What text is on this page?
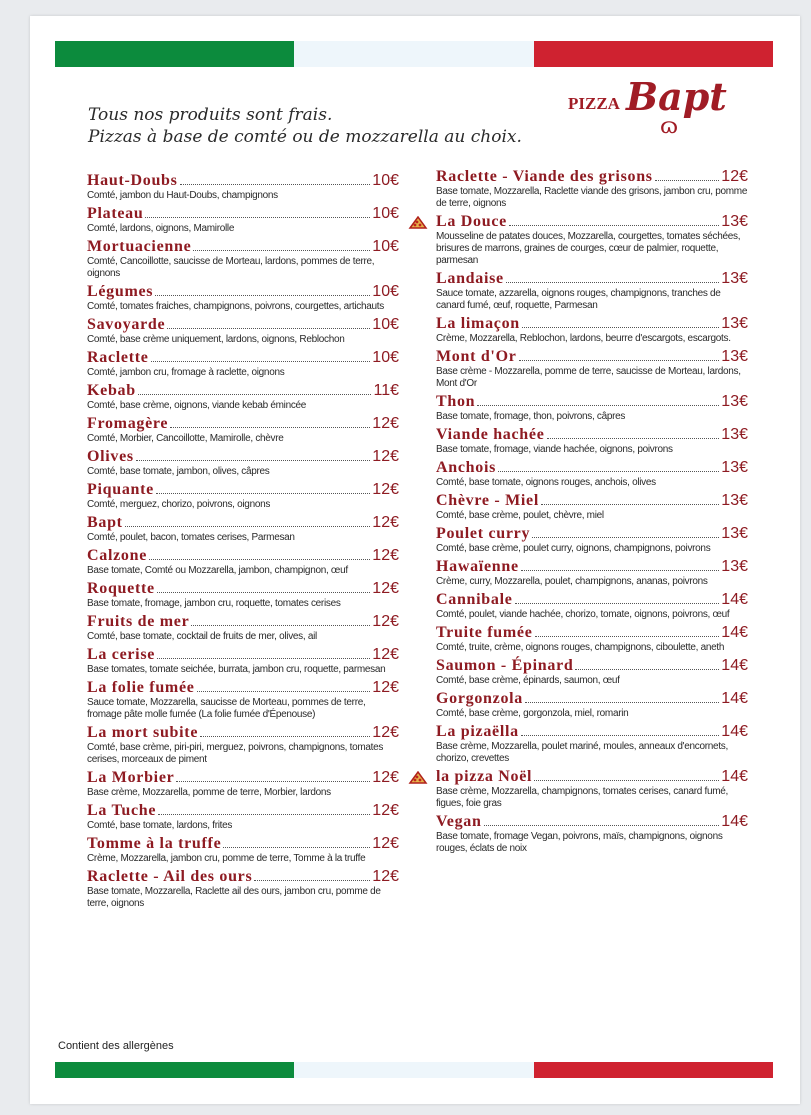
PIZZA Bapt
ɷ
Tous nos produits sont frais.
Pizzas à base de comté ou de mozzarella au choix.
Haut-Doubs	10€
Comté, jambon du Haut-Doubs, champignons
Plateau	10€
Comté, lardons, oignons, Mamirolle
Mortuacienne	10€
Comté, Cancoillotte, saucisse de Morteau, lardons, pommes de terre, oignons
Légumes	10€
Comté, tomates fraiches, champignons, poivrons, courgettes, artichauts
Savoyarde	10€
Comté, base crème uniquement, lardons, oignons, Reblochon
Raclette	10€
Comté, jambon cru, fromage à raclette, oignons
Kebab	11€
Comté, base crème, oignons, viande kebab émincée
Fromagère	12€
Comté, Morbier, Cancoillotte, Mamirolle, chèvre
Olives	12€
Comté, base tomate, jambon, olives, câpres
Piquante	12€
Comté, merguez, chorizo, poivrons, oignons
Bapt	12€
Comté, poulet, bacon, tomates cerises, Parmesan
Calzone	12€
Base tomate, Comté ou Mozzarella, jambon, champignon, œuf
Roquette	12€
Base tomate, fromage, jambon cru, roquette, tomates cerises
Fruits de mer	12€
Comté, base tomate, cocktail de fruits de mer, olives, ail
La cerise	12€
Base tomates, tomate seichée, burrata, jambon cru, roquette, parmesan
La folie fumée	12€
Sauce tomate, Mozzarella, saucisse de Morteau, pommes de terre, fromage pâte molle fumée (La folie fumée d'Épenouse)
La mort subite	12€
Comté, base crème, piri-piri, merguez, poivrons, champignons, tomates cerises, morceaux de piment
La Morbier	12€
Base crème, Mozzarella, pomme de terre, Morbier, lardons
La Tuche	12€
Comté, base tomate, lardons, frites
Tomme à la truffe	12€
Crème, Mozzarella, jambon cru, pomme de terre, Tomme à la truffe
Raclette - Ail des ours	12€
Base tomate, Mozzarella, Raclette ail des ours, jambon cru, pomme de terre, oignons
Raclette - Viande des grisons	12€
Base tomate, Mozzarella, Raclette viande des grisons, jambon cru, pomme de terre, oignons
La Douce	13€
Mousseline de patates douces, Mozzarella, courgettes, tomates séchées, brisures de marrons, graines de courges, cœur de palmier, roquette, parmesan
Landaise	13€
Sauce tomate, azzarella, oignons rouges, champignons, tranches de canard fumé, œuf, roquette, Parmesan
La limaçon	13€
Crème, Mozzarella, Reblochon, lardons, beurre d'escargots, escargots.
Mont d'Or	13€
Base crème - Mozzarella, pomme de terre, saucisse de Morteau, lardons, Mont d'Or
Thon	13€
Base tomate, fromage, thon, poivrons, câpres
Viande hachée	13€
Base tomate, fromage, viande hachée, oignons, poivrons
Anchois	13€
Comté, base tomate, oignons rouges, anchois, olives
Chèvre - Miel	13€
Comté, base crème, poulet, chèvre, miel
Poulet curry	13€
Comté, base crème, poulet curry, oignons, champignons, poivrons
Hawaïenne	13€
Crème, curry, Mozzarella, poulet, champignons, ananas, poivrons
Cannibale	14€
Comté, poulet, viande hachée, chorizo, tomate, oignons, poivrons, œuf
Truite fumée	14€
Comté, truite, crème, oignons rouges, champignons, ciboulette, aneth
Saumon - Épinard	14€
Comté, base crème, épinards, saumon, œuf
Gorgonzola	14€
Comté, base crème, gorgonzola, miel, romarin
La pizaëlla	14€
Base crème, Mozzarella, poulet mariné, moules, anneaux d'encornets, chorizo, crevettes
la pizza Noël	14€
Base crème, Mozzarella, champignons, tomates cerises, canard fumé, figues, foie gras
Vegan	14€
Base tomate, fromage Vegan, poivrons, maïs, champignons, oignons rouges, éclats de noix
Contient des allergènes
